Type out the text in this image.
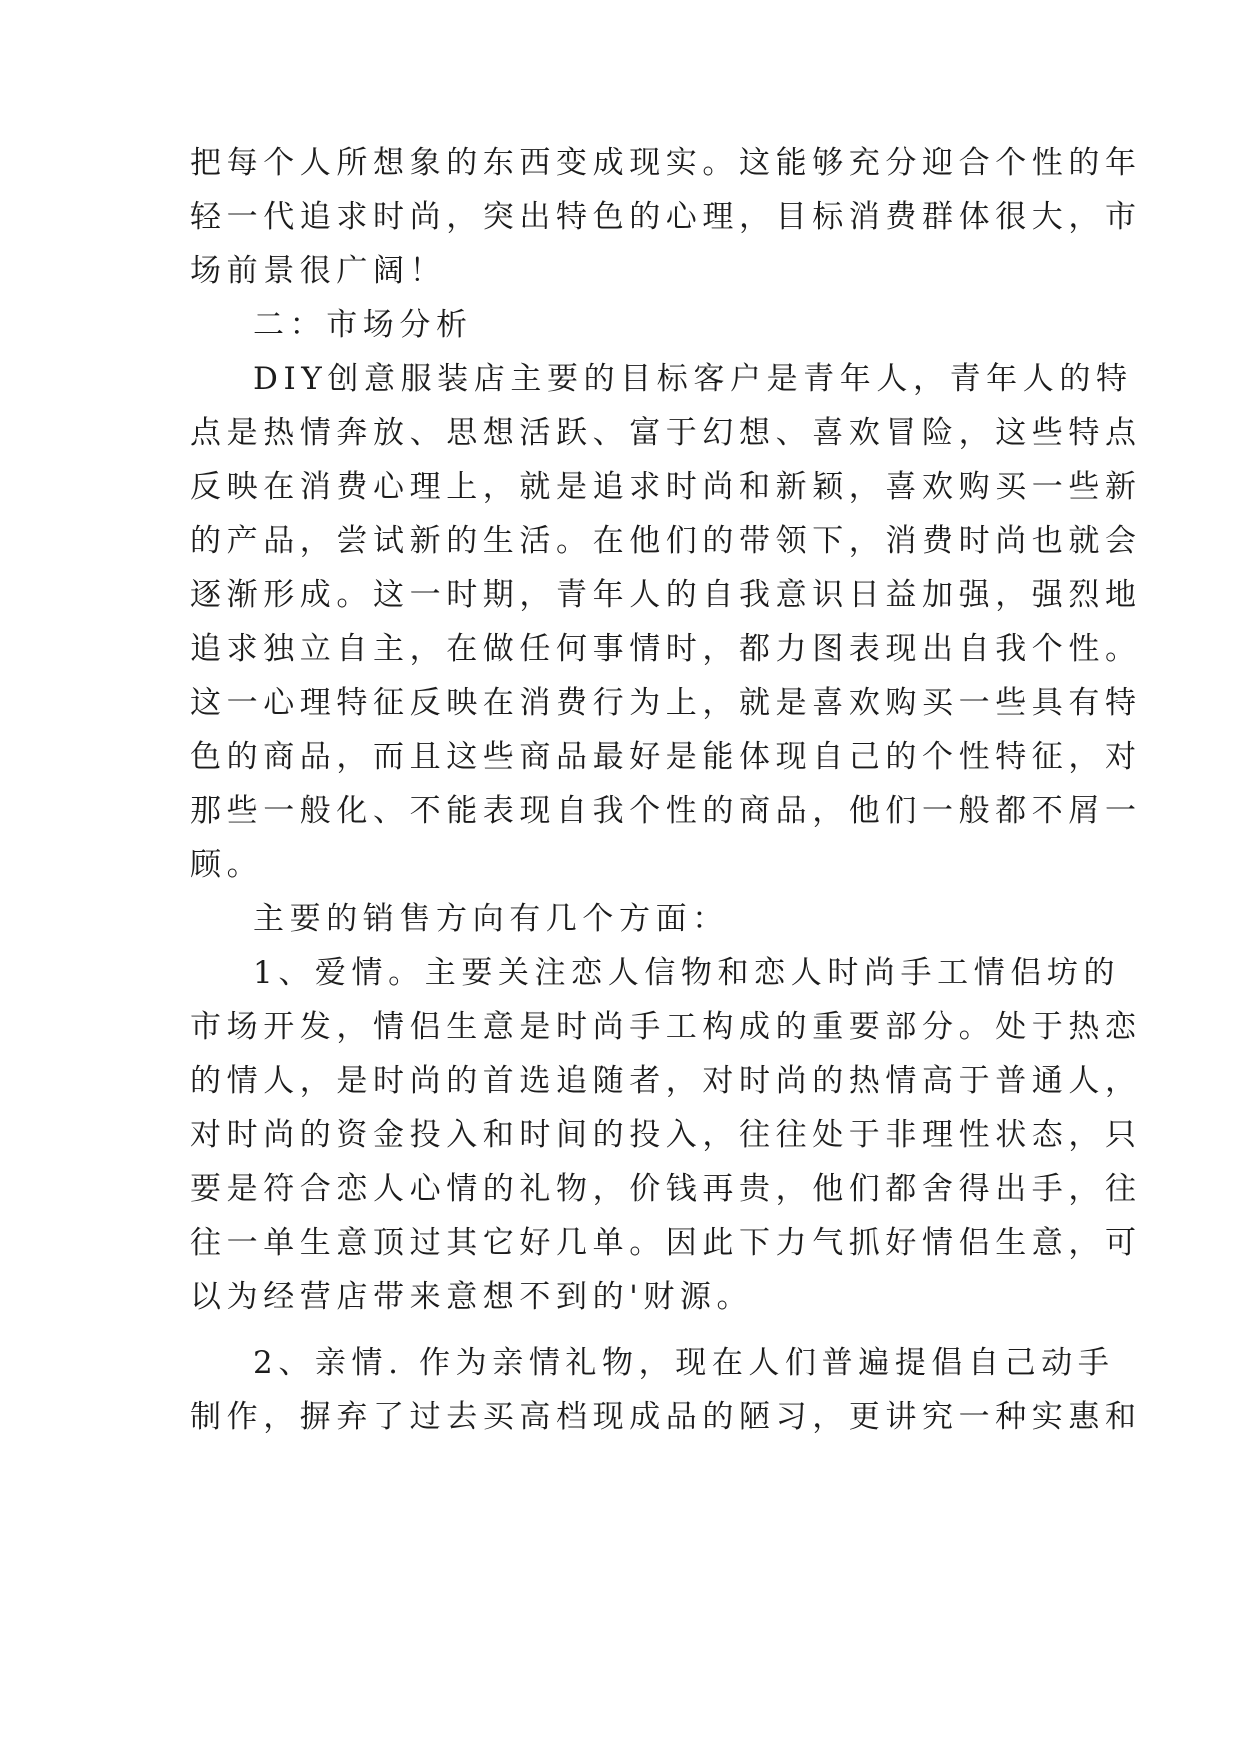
把每个人所想象的东西变成现实。这能够充分迎合个性的年
轻一代追求时尚，突出特色的心理，目标消费群体很大，市
场前景很广阔！
二：市场分析
DIY创意服装店主要的目标客户是青年人，青年人的特
点是热情奔放、思想活跃、富于幻想、喜欢冒险，这些特点
反映在消费心理上，就是追求时尚和新颖，喜欢购买一些新
的产品，尝试新的生活。在他们的带领下，消费时尚也就会
逐渐形成。这一时期，青年人的自我意识日益加强，强烈地
追求独立自主，在做任何事情时，都力图表现出自我个性。
这一心理特征反映在消费行为上，就是喜欢购买一些具有特
色的商品，而且这些商品最好是能体现自己的个性特征，对
那些一般化、不能表现自我个性的商品，他们一般都不屑一
顾。
主要的销售方向有几个方面：
1、爱情。主要关注恋人信物和恋人时尚手工情侣坊的
市场开发，情侣生意是时尚手工构成的重要部分。处于热恋
的情人，是时尚的首选追随者，对时尚的热情高于普通人，
对时尚的资金投入和时间的投入，往往处于非理性状态，只
要是符合恋人心情的礼物，价钱再贵，他们都舍得出手，往
往一单生意顶过其它好几单。因此下力气抓好情侣生意，可
以为经营店带来意想不到的'财源。
2、亲情. 作为亲情礼物，现在人们普遍提倡自己动手
制作，摒弃了过去买高档现成品的陋习，更讲究一种实惠和
